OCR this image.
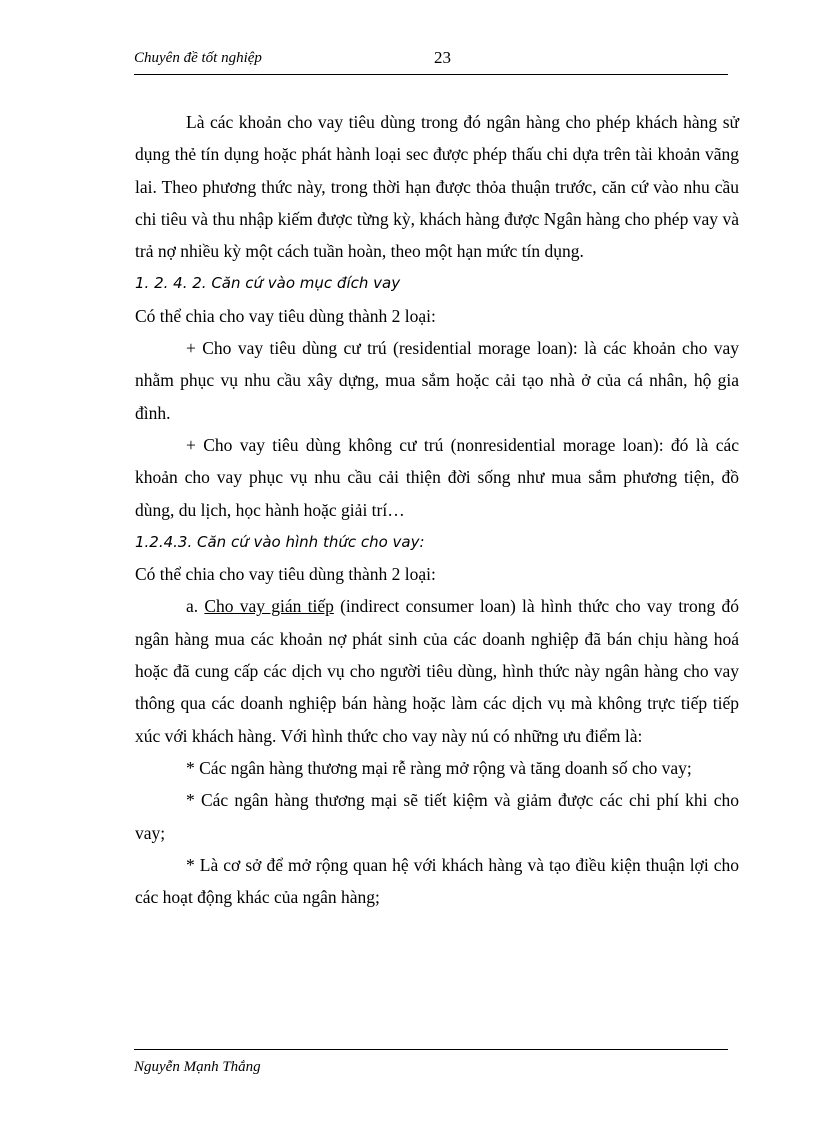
Chuyên đề tốt nghiệp	23

Là các khoản cho vay tiêu dùng trong đó ngân hàng cho phép khách hàng sử dụng thẻ tín dụng hoặc phát hành loại sec được phép thấu chi dựa trên tài khoản vãng lai. Theo phương thức này, trong thời hạn được thỏa thuận trước, căn cứ vào nhu cầu chi tiêu và thu nhập kiếm được từng kỳ, khách hàng được Ngân hàng cho phép vay và trả nợ nhiều kỳ một cách tuần hoàn, theo một hạn mức tín dụng.

1. 2. 4. 2. Căn cứ vào mục đích vay

Có thể chia cho vay tiêu dùng thành 2 loại:

+ Cho vay tiêu dùng cư trú (residential morage loan): là các khoản cho vay nhằm phục vụ nhu cầu xây dựng, mua sắm hoặc cải tạo nhà ở của cá nhân, hộ gia đình.

+ Cho vay tiêu dùng không cư trú (nonresidential morage loan): đó là các khoản cho vay phục vụ nhu cầu cải thiện đời sống như mua sắm phương tiện, đồ dùng, du lịch, học hành hoặc giải trí…

1.2.4.3. Căn cứ vào hình thức cho vay:

Có thể chia cho vay tiêu dùng thành 2 loại:

a. Cho vay gián tiếp (indirect consumer loan) là hình thức cho vay trong đó ngân hàng mua các khoản nợ phát sinh của các doanh nghiệp đã bán chịu hàng hoá hoặc đã cung cấp các dịch vụ cho người tiêu dùng, hình thức này ngân hàng cho vay thông qua các doanh nghiệp bán hàng hoặc làm các dịch vụ mà không trực tiếp tiếp xúc với khách hàng. Với hình thức cho vay này nú có những ưu điểm là:

* Các ngân hàng thương mại rễ ràng mở rộng và tăng doanh số cho vay;

* Các ngân hàng thương mại sẽ tiết kiệm và giảm được các chi phí khi cho vay;

* Là cơ sở để mở rộng quan hệ với khách hàng và tạo điều kiện thuận lợi cho các hoạt động khác của ngân hàng;

Nguyễn Mạnh Thắng
